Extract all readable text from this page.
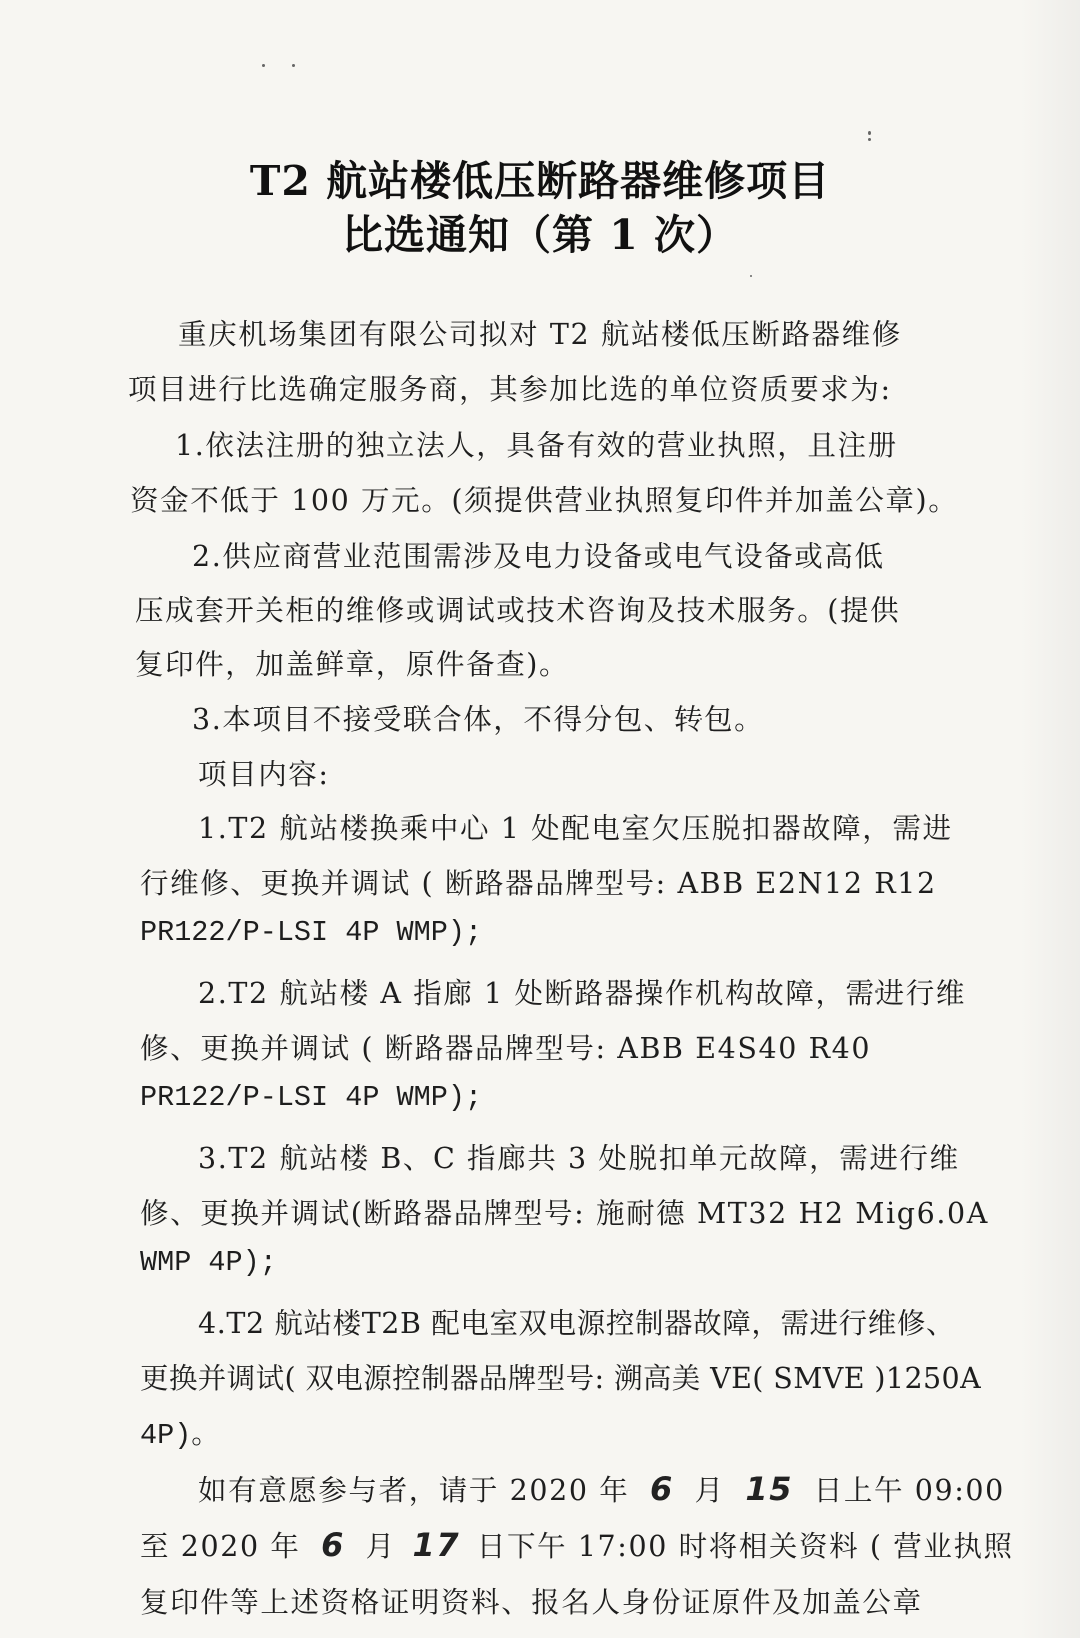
T2 航站楼低压断路器维修项目
比选通知（第 1 次）
重庆机场集团有限公司拟对 T2 航站楼低压断路器维修
项目进行比选确定服务商，其参加比选的单位资质要求为:
1.依法注册的独立法人，具备有效的营业执照，且注册
资金不低于 100 万元。(须提供营业执照复印件并加盖公章)。
2.供应商营业范围需涉及电力设备或电气设备或高低
压成套开关柜的维修或调试或技术咨询及技术服务。(提供
复印件，加盖鲜章，原件备查)。
3.本项目不接受联合体，不得分包、转包。
项目内容:
1.T2 航站楼换乘中心 1 处配电室欠压脱扣器故障，需进
行维修、更换并调试 ( 断路器品牌型号: ABB E2N12 R12
PR122/P-LSI 4P WMP);
2.T2 航站楼 A 指廊 1 处断路器操作机构故障，需进行维
修、更换并调试 ( 断路器品牌型号: ABB E4S40 R40
PR122/P-LSI 4P WMP);
3.T2 航站楼 B、C 指廊共 3 处脱扣单元故障，需进行维
修、更换并调试(断路器品牌型号: 施耐德 MT32 H2 Mig6.0A
WMP 4P);
4.T2 航站楼T2B 配电室双电源控制器故障，需进行维修、
更换并调试( 双电源控制器品牌型号: 溯高美 VE( SMVE )1250A
4P)。
如有意愿参与者，请于 2020 年 6 月 15 日上午 09:00
至 2020 年 6 月 17 日下午 17:00 时将相关资料 ( 营业执照
复印件等上述资格证明资料、报名人身份证原件及加盖公章
